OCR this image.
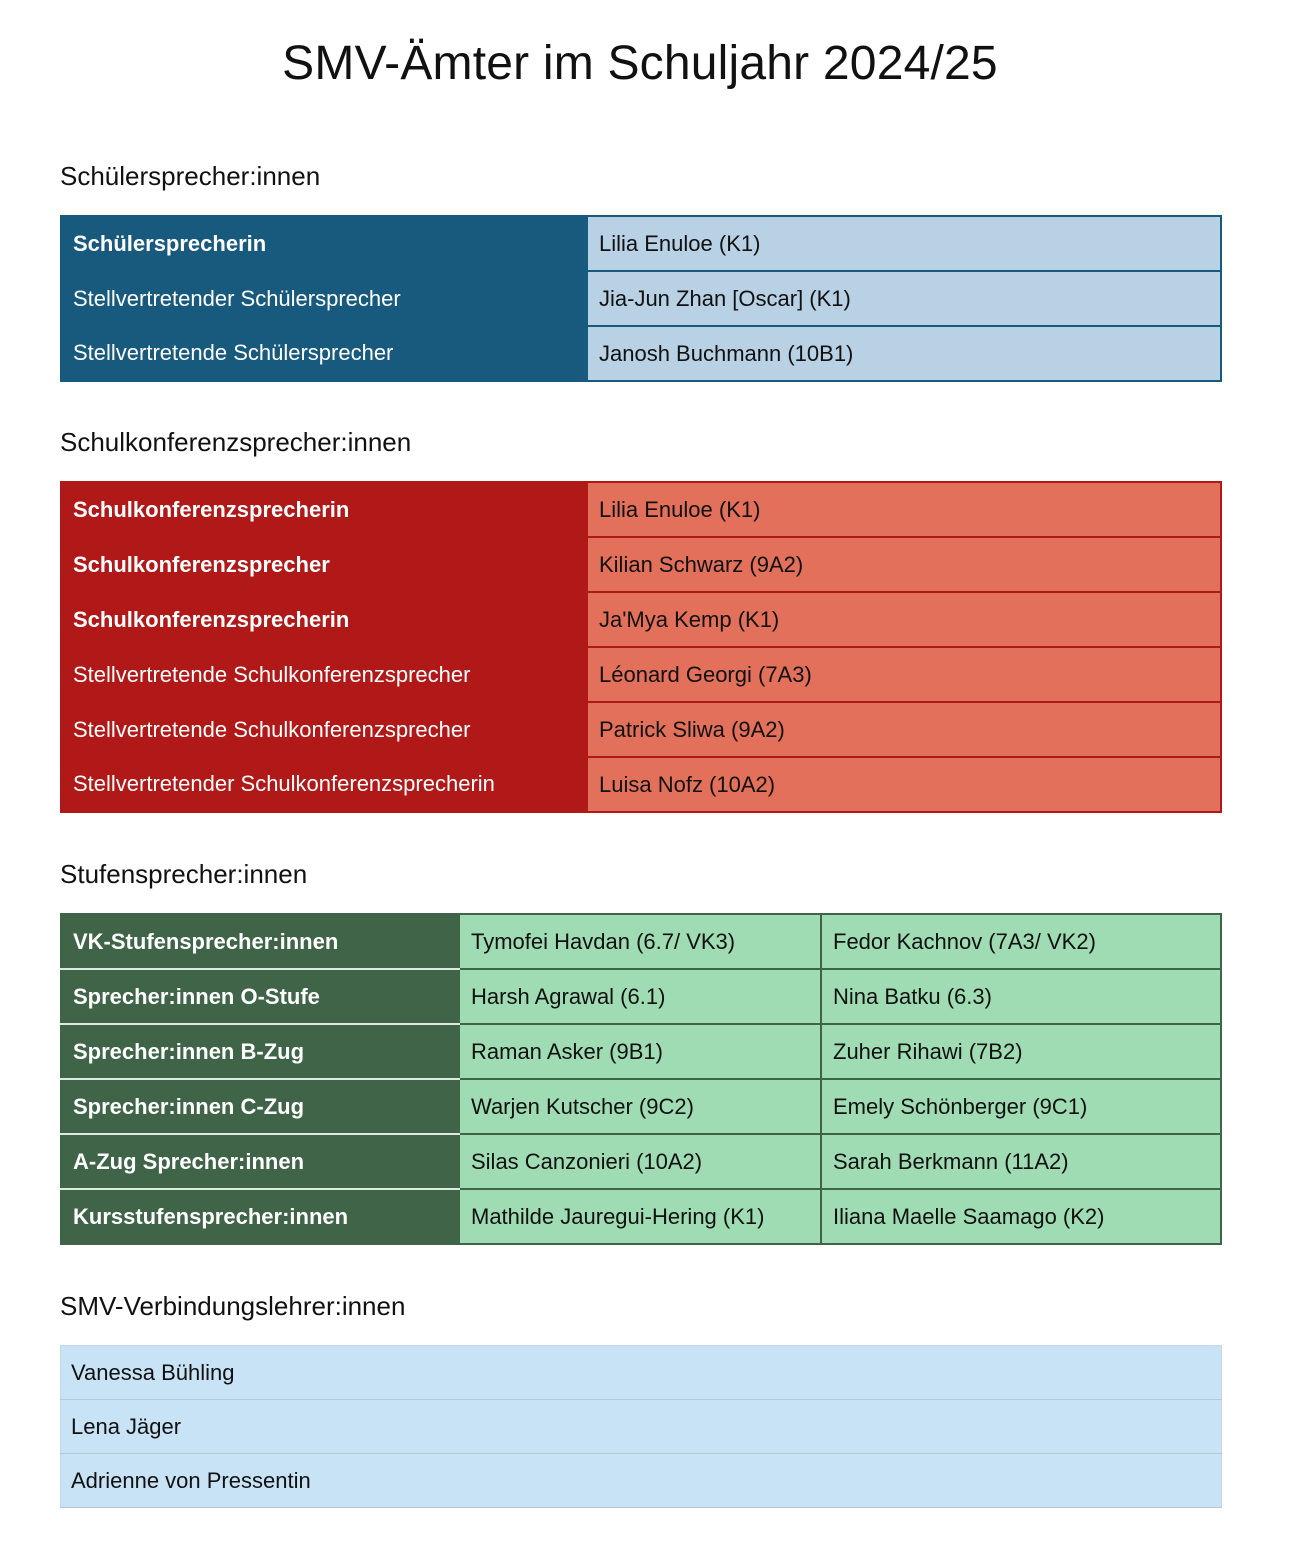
SMV-Ämter im Schuljahr 2024/25
Schülersprecher:innen
Schülersprecherin	Lilia Enuloe (K1)
Stellvertretender Schülersprecher	Jia-Jun Zhan [Oscar] (K1)
Stellvertretende Schülersprecher	Janosh Buchmann (10B1)
Schulkonferenzsprecher:innen
Schulkonferenzsprecherin	Lilia Enuloe (K1)
Schulkonferenzsprecher	Kilian Schwarz (9A2)
Schulkonferenzsprecherin	Ja'Mya Kemp (K1)
Stellvertretende Schulkonferenzsprecher	Léonard Georgi (7A3)
Stellvertretende Schulkonferenzsprecher	Patrick Sliwa (9A2)
Stellvertretender Schulkonferenzsprecherin	Luisa Nofz (10A2)
Stufensprecher:innen
VK-Stufensprecher:innen	Tymofei Havdan (6.7/ VK3)	Fedor Kachnov (7A3/ VK2)
Sprecher:innen O-Stufe	Harsh Agrawal (6.1)	Nina Batku (6.3)
Sprecher:innen B-Zug	Raman Asker (9B1)	Zuher Rihawi (7B2)
Sprecher:innen C-Zug	Warjen Kutscher (9C2)	Emely Schönberger (9C1)
A-Zug Sprecher:innen	Silas Canzonieri (10A2)	Sarah Berkmann (11A2)
Kursstufensprecher:innen	Mathilde Jauregui-Hering (K1)	Iliana Maelle Saamago (K2)
SMV-Verbindungslehrer:innen
Vanessa Bühling
Lena Jäger
Adrienne von Pressentin
